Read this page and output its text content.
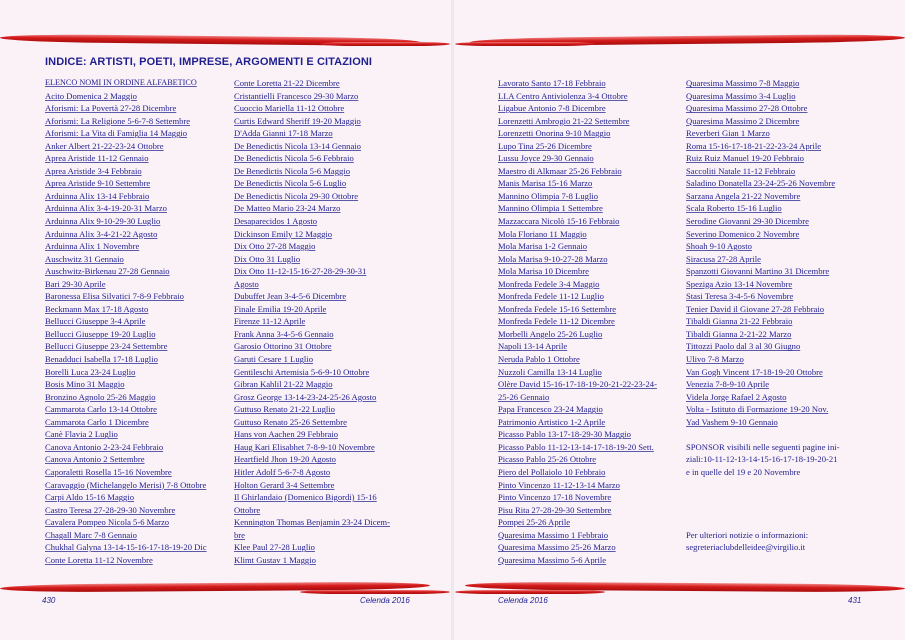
INDICE: ARTISTI, POETI, IMPRESE, ARGOMENTI E CITAZIONI
ELENCO NOMI IN ORDINE ALFABETICO
Acito Domenica 2 Maggio
Aforismi: La Povertà 27-28 Dicembre
Aforismi: La Religione 5-6-7-8 Settembre
Aforismi: La Vita di Famiglia 14 Maggio
Anker Albert 21-22-23-24 Ottobre
Aprea Aristide 11-12 Gennaio
Aprea Aristide 3-4 Febbraio
Aprea Aristide 9-10 Settembre
Arduinna Alix 13-14 Febbraio
Arduinna Alix 3-4-19-20-31 Marzo
Arduinna Alix 9-10-29-30 Luglio
Arduinna Alix 3-4-21-22 Agosto
Arduinna Alix 1 Novembre
Auschwitz 31 Gennaio
Auschwitz-Birkenau 27-28 Gennaio
Bari 29-30 Aprile
Baronessa Elisa Silvatici 7-8-9 Febbraio
Beckmann Max 17-18 Agosto
Bellucci Giuseppe 3-4 Aprile
Bellucci Giuseppe 19-20 Luglio
Bellucci Giuseppe 23-24 Settembre
Benadduci Isabella 17-18 Luglio
Borelli Luca 23-24 Luglio
Bosis Mino 31 Maggio
Bronzino Agnolo 25-26 Maggio
Cammarota Carlo 13-14 Ottobre
Cammarota Carlo 1 Dicembre
Canè Flavia 2 Luglio
Canova Antonio 2-23-24 Febbraio
Canova Antonio 2 Settembre
Caporaletti Rosella 15-16 Novembre
Caravaggio (Michelangelo Merisi) 7-8 Ottobre
Carpi Aldo 15-16 Maggio
Castro Teresa 27-28-29-30 Novembre
Cavalera Pompeo Nicola 5-6 Marzo
Chagall Marc 7-8 Gennaio
Chukhal Galyna 13-14-15-16-17-18-19-20 Dic
Conte Loretta 11-12 Novembre
Conte Loretta 21-22 Dicembre
Cristantielli Francesco 29-30 Marzo
Cuoccio Mariella 11-12 Ottobre
Curtis Edward Sheriff 19-20 Maggio
D'Adda Gianni 17-18 Marzo
De Benedictis Nicola 13-14 Gennaio
De Benedictis Nicola 5-6 Febbraio
De Benedictis Nicola 5-6 Maggio
De Benedictis Nicola 5-6 Luglio
De Benedictis Nicola 29-30 Ottobre
De Matteo Mario 23-24 Marzo
Desaparecidos 1 Agosto
Dickinson Emily 12 Maggio
Dix Otto 27-28 Maggio
Dix Otto 31 Luglio
Dix Otto 11-12-15-16-27-28-29-30-31
Agosto
Dubuffet Jean 3-4-5-6 Dicembre
Finale Emilia 19-20 Aprile
Firenze 11-12 Aprile
Frank Anna 3-4-5-6 Gennaio
Garosio Ottorino 31 Ottobre
Garuti Cesare 1 Luglio
Gentileschi Artemisia 5-6-9-10 Ottobre
Gibran Kahlil 21-22 Maggio
Grosz George 13-14-23-24-25-26 Agosto
Guttuso Renato 21-22 Luglio
Guttuso Renato 25-26 Settembre
Hans von Aachen 29 Febbraio
Haug Kari Elisabhet 7-8-9-10 Novembre
Heartfield Jhon 19-20 Agosto
Hitler Adolf 5-6-7-8 Agosto
Holton Gerard 3-4 Settembre
Il Ghirlandaio (Domenico Bigordi) 15-16
Ottobre
Kennington Thomas Benjamin 23-24 Dicem-
bre
Klee Paul 27-28 Luglio
Klimt Gustav 1 Maggio
Lavorato Santo 17-18 Febbraio
LI.A Centro Antiviolenza 3-4 Ottobre
Ligabue Antonio 7-8 Dicembre
Lorenzetti Ambrogio 21-22 Settembre
Lorenzetti Onorina 9-10 Maggio
Lupo Tina 25-26 Dicembre
Lussu Joyce 29-30 Gennaio
Maestro di Alkmaar 25-26 Febbraio
Manis Marisa 15-16 Marzo
Mannino Olimpia 7-8 Luglio
Mannino Olimpia 1 Settembre
Mazzaccara Nicolò 15-16 Febbraio
Mola Floriano 11 Maggio
Mola Marisa 1-2 Gennaio
Mola Marisa 9-10-27-28 Marzo
Mola Marisa 10 Dicembre
Monfreda Fedele 3-4 Maggio
Monfreda Fedele 11-12 Luglio
Monfreda Fedele 15-16 Settembre
Monfreda Fedele 11-12 Dicembre
Morbelli Angelo 25-26 Luglio
Napoli 13-14 Aprile
Neruda Pablo 1 Ottobre
Nuzzoli Camilla 13-14 Luglio
Olère David 15-16-17-18-19-20-21-22-23-24-
25-26 Gennaio
Papa Francesco 23-24 Maggio
Patrimonio Artistico 1-2 Aprile
Picasso Pablo 13-17-18-29-30 Maggio
Picasso Pablo 11-12-13-14-17-18-19-20 Sett.
Picasso Pablo 25-26 Ottobre
Piero del Pollaiolo 10 Febbraio
Pinto Vincenzo 11-12-13-14 Marzo
Pinto Vincenzo 17-18 Novembre
Pisu Rita 27-28-29-30 Settembre
Pompei 25-26 Aprile
Quaresima Massimo 1 Febbraio
Quaresima Massimo 25-26 Marzo
Quaresima Massimo 5-6 Aprile
Quaresima Massimo 7-8 Maggio
Quaresima Massimo 3-4 Luglio
Quaresima Massimo 27-28 Ottobre
Quaresima Massimo 2 Dicembre
Reverberi Gian 1 Marzo
Roma 15-16-17-18-21-22-23-24 Aprile
Ruiz Ruiz Manuel 19-20 Febbraio
Saccoliti Natale 11-12 Febbraio
Saladino Donatella 23-24-25-26 Novembre
Sarzana Angela 21-22 Novembre
Scala Roberto 15-16 Luglio
Serodine Giovanni 29-30 Dicembre
Severino Domenico 2 Novembre
Shoah 9-10 Agosto
Siracusa 27-28 Aprile
Spanzotti Giovanni Martino 31 Dicembre
Speziga Azio 13-14 Novembre
Stasi Teresa 3-4-5-6 Novembre
Tenier David il Giovane 27-28 Febbraio
Tibaldi Gianna 21-22 Febbraio
Tibaldi Gianna 2-21-22 Marzo
Tittozzi Paolo dal 3 al 30 Giugno
Ulivo 7-8 Marzo
Van Gogh Vincent 17-18-19-20 Ottobre
Venezia 7-8-9-10 Aprile
Videla Jorge Rafael 2 Agosto
Volta - Istituto di Formazione 19-20 Nov.
Yad Vashem 9-10 Gennaio
SPONSOR visibili nelle seguenti pagine ini-
ziali:10-11-12-13-14-15-16-17-18-19-20-21
e in quelle del 19 e 20 Novembre
Per ulteriori notizie o informazioni:
segreteriaclubdelleidee@virgilio.it
430	Celenda 2016	Celenda 2016	431
